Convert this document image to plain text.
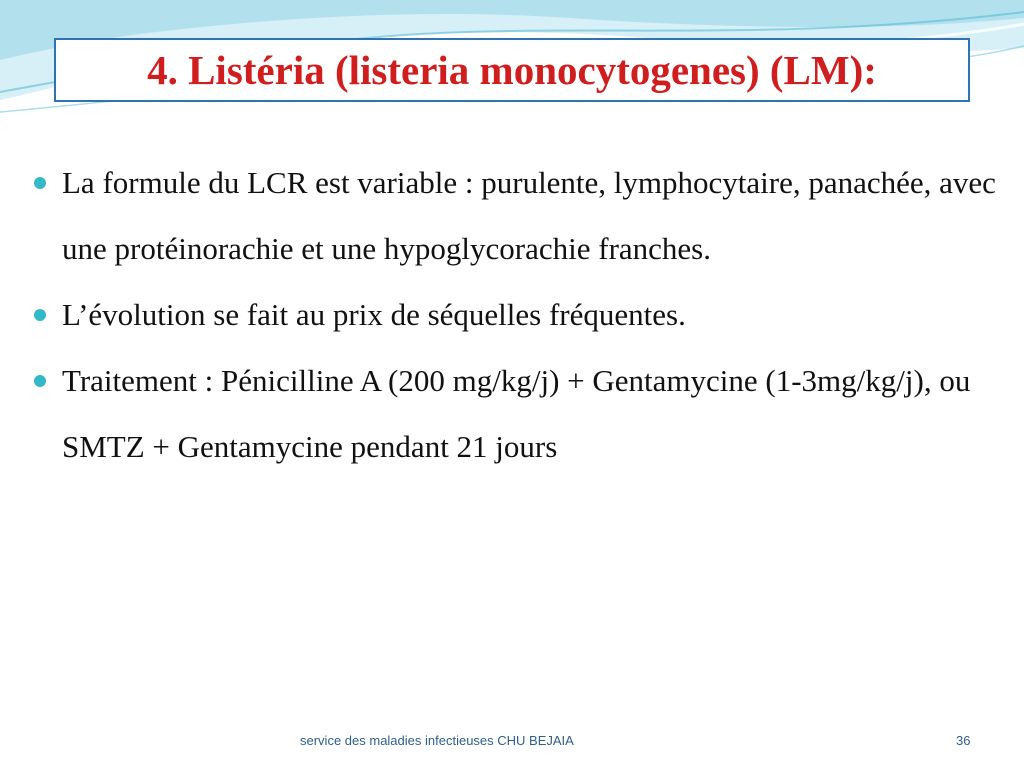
4. Listéria (listeria monocytogenes) (LM):
La formule du LCR est variable : purulente, lymphocytaire, panachée, avec une protéinorachie et une hypoglycorachie franches.
L’évolution se fait au prix de séquelles fréquentes.
Traitement : Pénicilline A (200 mg/kg/j) + Gentamycine (1-3mg/kg/j), ou SMTZ + Gentamycine pendant 21 jours
service des maladies infectieuses CHU BEJAIA	36
